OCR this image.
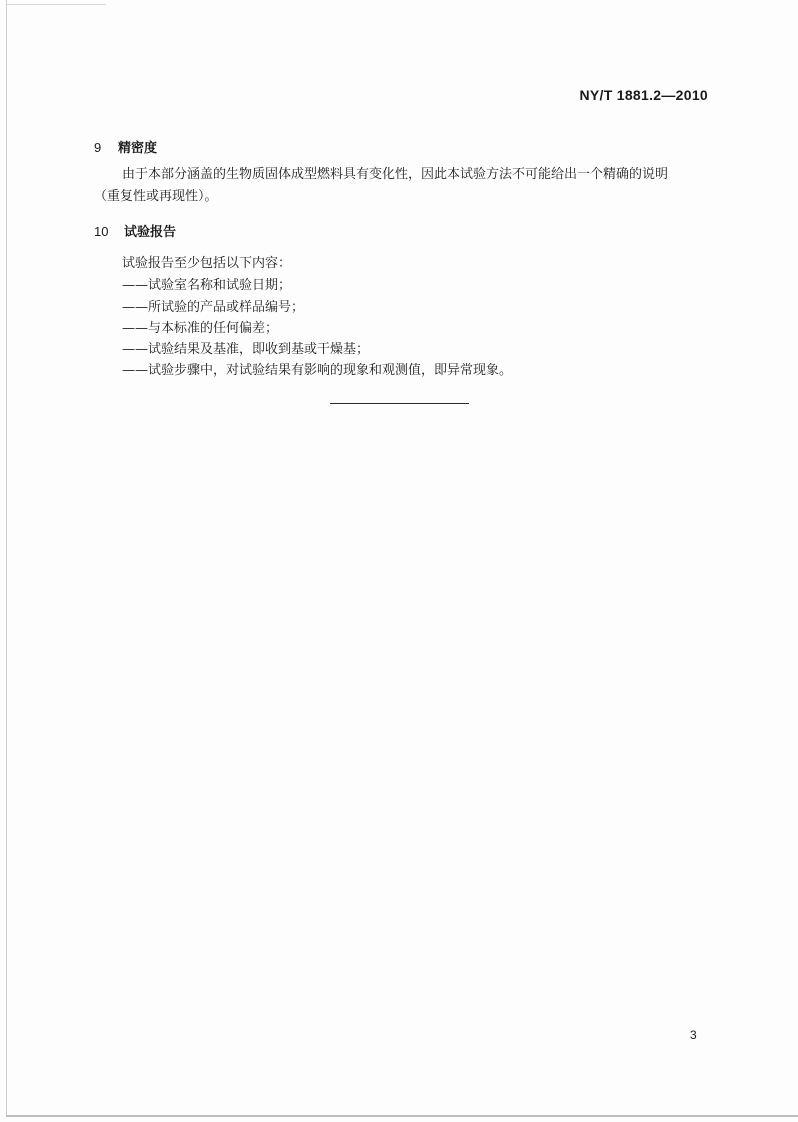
NY/T 1881.2—2010
9 精密度
由于本部分涵盖的生物质固体成型燃料具有变化性，因此本试验方法不可能给出一个精确的说明
（重复性或再现性）。
10 试验报告
试验报告至少包括以下内容：
——试验室名称和试验日期；
——所试验的产品或样品编号；
——与本标准的任何偏差；
——试验结果及基准，即收到基或干燥基；
——试验步骤中，对试验结果有影响的现象和观测值，即异常现象。
3
